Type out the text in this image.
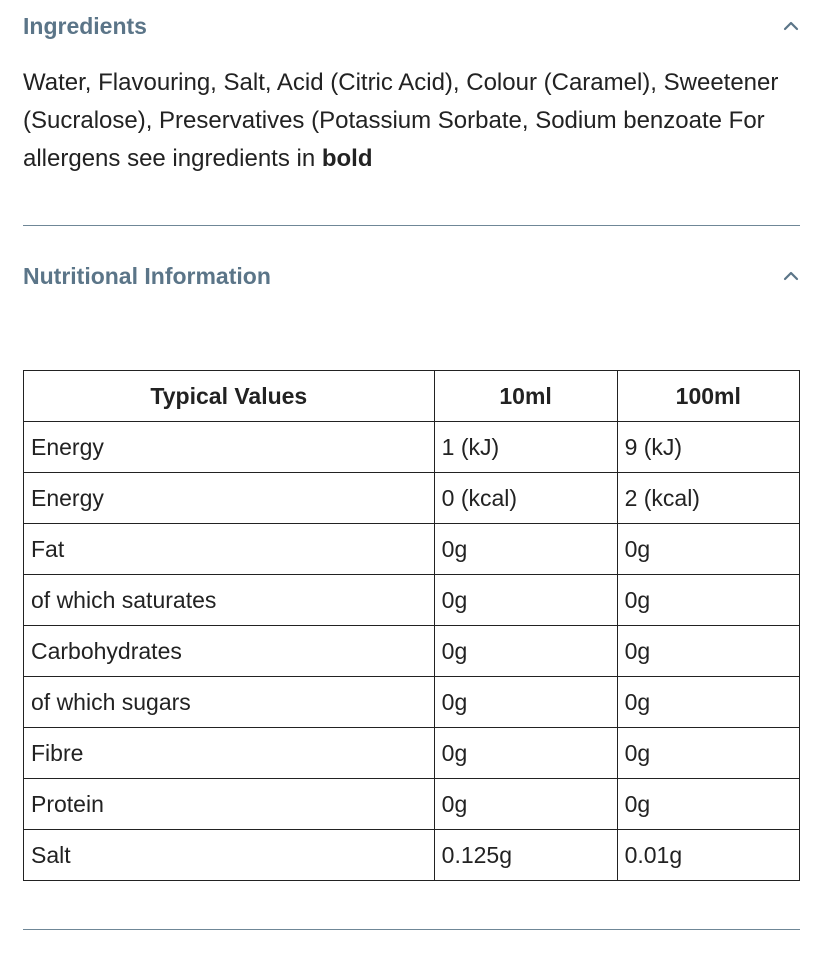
Ingredients
Water, Flavouring, Salt, Acid (Citric Acid), Colour (Caramel), Sweetener (Sucralose), Preservatives (Potassium Sorbate, Sodium benzoate For allergens see ingredients in bold
Nutritional Information
Typical Values	10ml	100ml
Energy	1 (kJ)	9 (kJ)
Energy	0 (kcal)	2 (kcal)
Fat	0g	0g
of which saturates	0g	0g
Carbohydrates	0g	0g
of which sugars	0g	0g
Fibre	0g	0g
Protein	0g	0g
Salt	0.125g	0.01g
